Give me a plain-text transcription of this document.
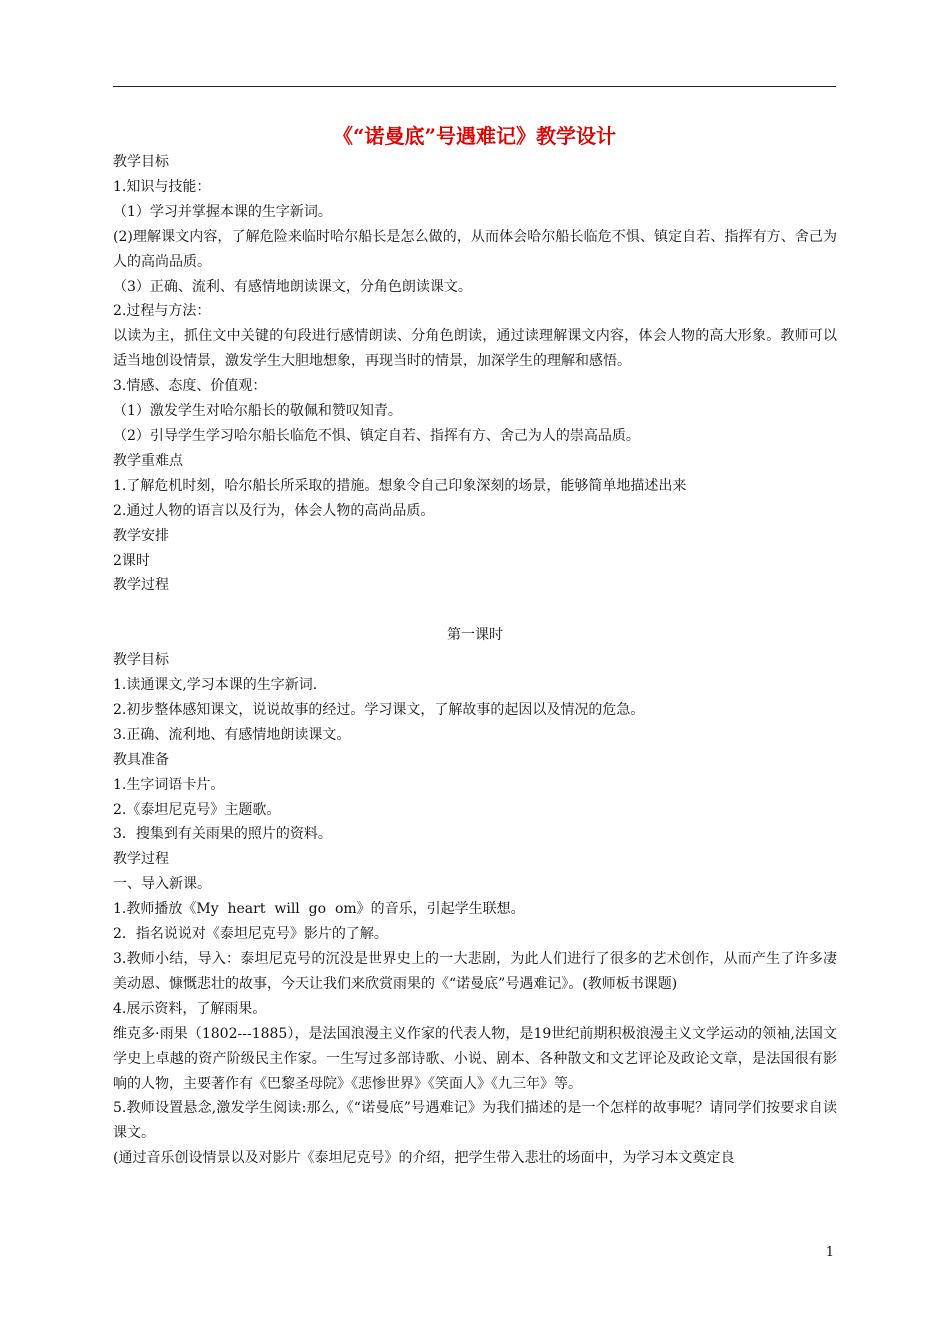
《“诺曼底”号遇难记》教学设计
教学目标
1.知识与技能：
（1）学习并掌握本课的生字新词。
(2)理解课文内容，了解危险来临时哈尔船长是怎么做的，从而体会哈尔船长临危不惧、镇定自若、指挥有方、舍己为人的高尚品质。
（3）正确、流利、有感情地朗读课文，分角色朗读课文。
2.过程与方法：
以读为主，抓住文中关键的句段进行感情朗读、分角色朗读，通过读理解课文内容，体会人物的高大形象。教师可以适当地创设情景，激发学生大胆地想象，再现当时的情景，加深学生的理解和感悟。
3.情感、态度、价值观：
（1）激发学生对哈尔船长的敬佩和赞叹知青。
（2）引导学生学习哈尔船长临危不惧、镇定自若、指挥有方、舍己为人的崇高品质。
教学重难点
1.了解危机时刻，哈尔船长所采取的措施。想象令自己印象深刻的场景，能够简单地描述出来
2.通过人物的语言以及行为，体会人物的高尚品质。
教学安排
2课时
教学过程
第一课时
教学目标
1.读通课文,学习本课的生字新词.
2.初步整体感知课文，说说故事的经过。学习课文，了解故事的起因以及情况的危急。
3.正确、流利地、有感情地朗读课文。
教具准备
1.生字词语卡片。
2.《泰坦尼克号》主题歌。
3．搜集到有关雨果的照片的资料。
教学过程
一、导入新课。
1.教师播放《My  heart  will  go  om》的音乐，引起学生联想。
2．指名说说对《泰坦尼克号》影片的了解。
3.教师小结，导入：泰坦尼克号的沉没是世界史上的一大悲剧，为此人们进行了很多的艺术创作，从而产生了许多凄美动恩、慷慨悲壮的故事，今天让我们来欣赏雨果的《“诺曼底”号遇难记》。(教师板书课题)
4.展示资料，了解雨果。
维克多·雨果（1802---1885），是法国浪漫主义作家的代表人物，是19世纪前期积极浪漫主义文学运动的领袖,法国文学史上卓越的资产阶级民主作家。一生写过多部诗歌、小说、剧本、各种散文和文艺评论及政论文章，是法国很有影响的人物，主要著作有《巴黎圣母院》《悲惨世界》《笑面人》《九三年》等。
5.教师设置悬念,激发学生阅读:那么,《“诺曼底”号遇难记》为我们描述的是一个怎样的故事呢？请同学们按要求自读课文。
(通过音乐创设情景以及对影片《泰坦尼克号》的介绍，把学生带入悲壮的场面中，为学习本文奠定良
1
